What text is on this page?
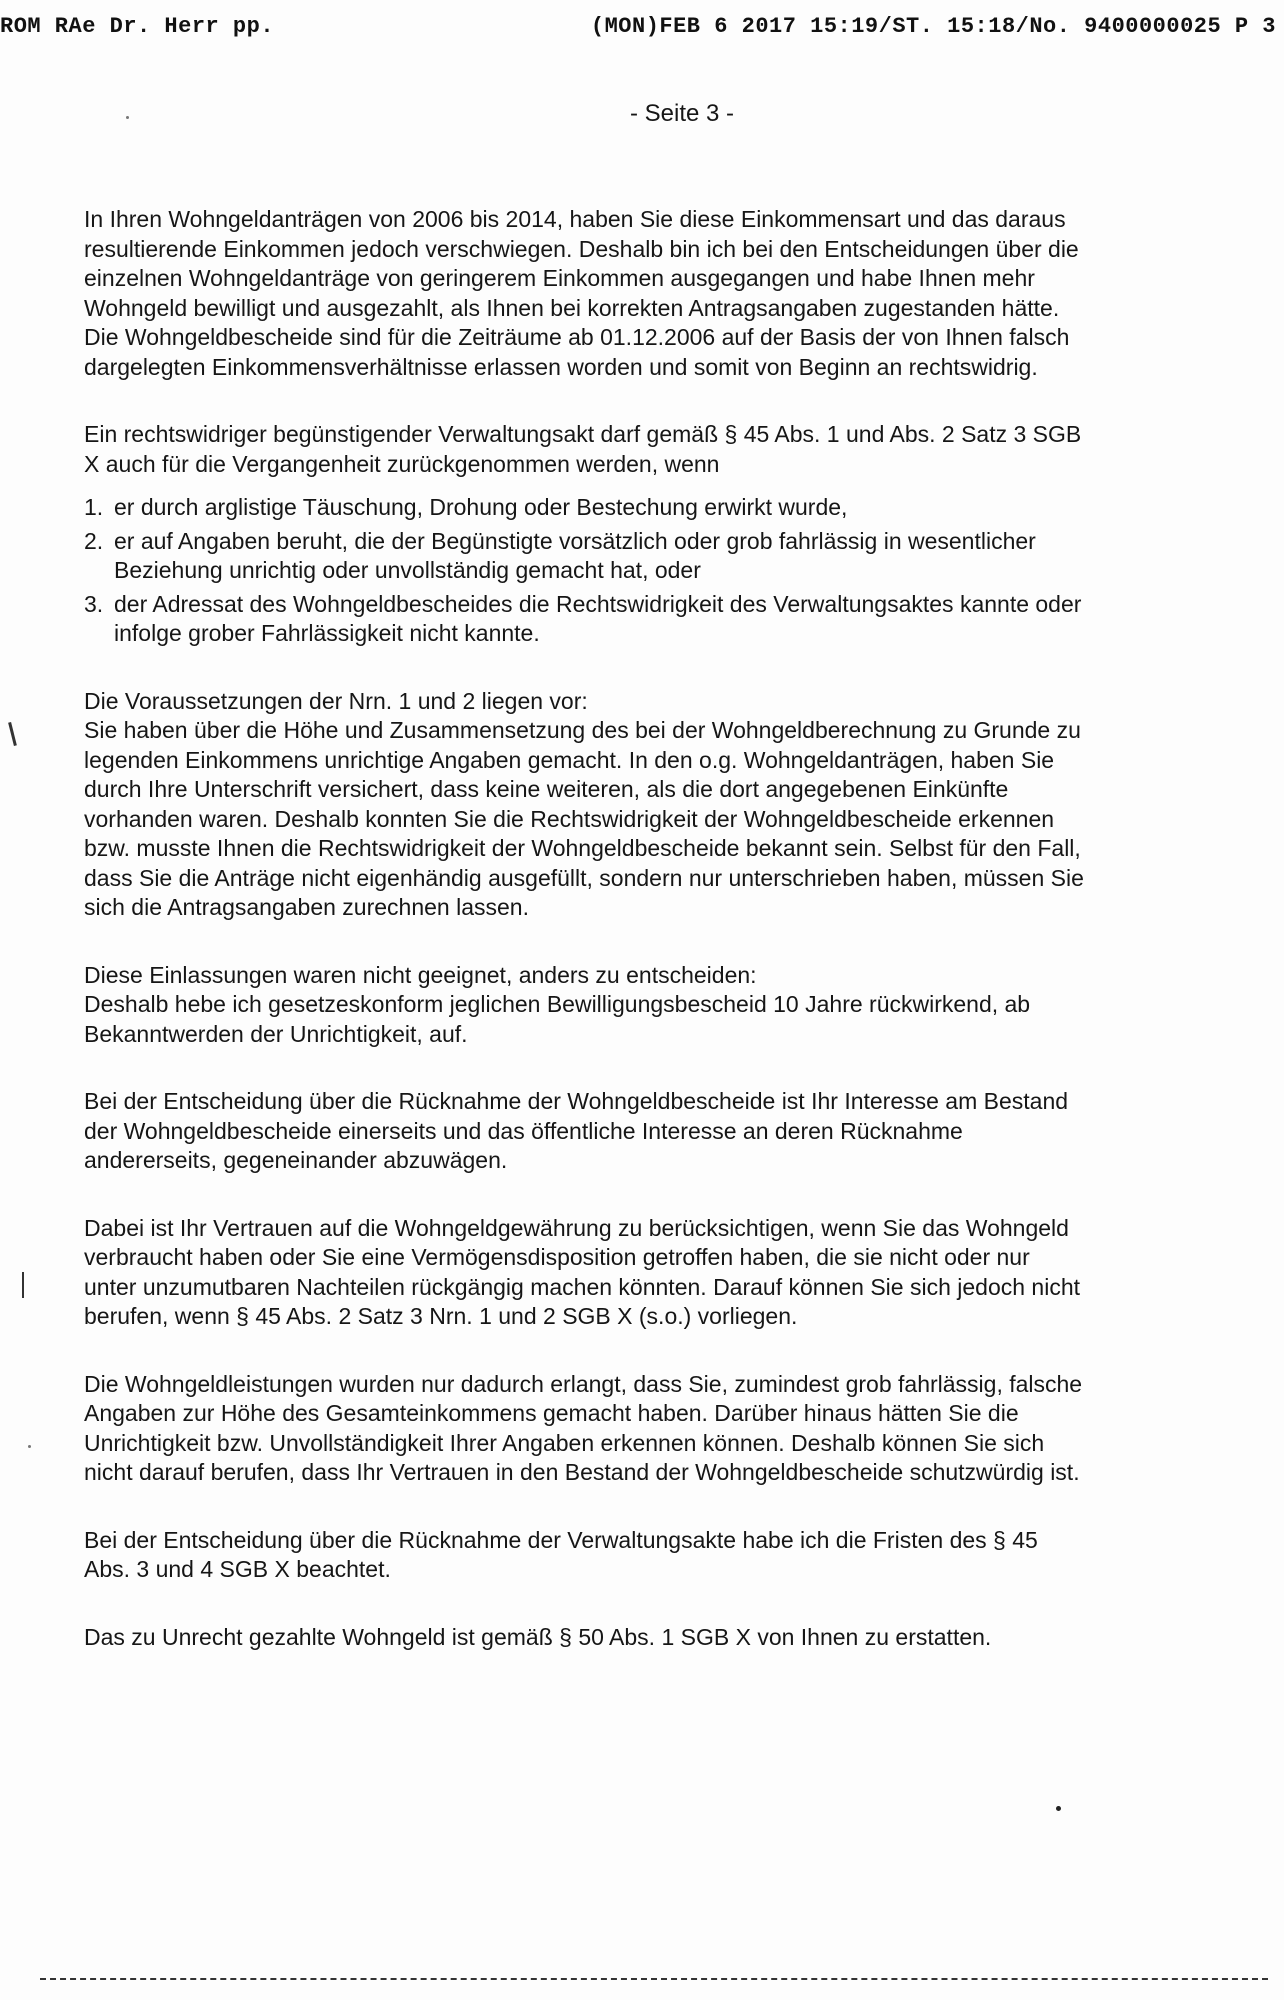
ROM RAe Dr. Herr pp.	(MON)FEB 6 2017 15:19/ST. 15:18/No. 9400000025 P 3
- Seite 3 -

In Ihren Wohngeldanträgen von 2006 bis 2014, haben Sie diese Einkommensart und das daraus resultierende Einkommen jedoch verschwiegen. Deshalb bin ich bei den Entscheidungen über die einzelnen Wohngeldanträge von geringerem Einkommen ausgegangen und habe Ihnen mehr Wohngeld bewilligt und ausgezahlt, als Ihnen bei korrekten Antragsangaben zugestanden hätte. Die Wohngeldbescheide sind für die Zeiträume ab 01.12.2006 auf der Basis der von Ihnen falsch dargelegten Einkommensverhältnisse erlassen worden und somit von Beginn an rechtswidrig.

Ein rechtswidriger begünstigender Verwaltungsakt darf gemäß § 45 Abs. 1 und Abs. 2 Satz 3 SGB X auch für die Vergangenheit zurückgenommen werden, wenn

1. er durch arglistige Täuschung, Drohung oder Bestechung erwirkt wurde,
2. er auf Angaben beruht, die der Begünstigte vorsätzlich oder grob fahrlässig in wesentlicher Beziehung unrichtig oder unvollständig gemacht hat, oder
3. der Adressat des Wohngeldbescheides die Rechtswidrigkeit des Verwaltungsaktes kannte oder infolge grober Fahrlässigkeit nicht kannte.

Die Voraussetzungen der Nrn. 1 und 2 liegen vor:
Sie haben über die Höhe und Zusammensetzung des bei der Wohngeldberechnung zu Grunde zu legenden Einkommens unrichtige Angaben gemacht. In den o.g. Wohngeldanträgen, haben Sie durch Ihre Unterschrift versichert, dass keine weiteren, als die dort angegebenen Einkünfte vorhanden waren. Deshalb konnten Sie die Rechtswidrigkeit der Wohngeldbescheide erkennen bzw. musste Ihnen die Rechtswidrigkeit der Wohngeldbescheide bekannt sein. Selbst für den Fall, dass Sie die Anträge nicht eigenhändig ausgefüllt, sondern nur unterschrieben haben, müssen Sie sich die Antragsangaben zurechnen lassen.

Diese Einlassungen waren nicht geeignet, anders zu entscheiden:
Deshalb hebe ich gesetzeskonform jeglichen Bewilligungsbescheid 10 Jahre rückwirkend, ab Bekanntwerden der Unrichtigkeit, auf.

Bei der Entscheidung über die Rücknahme der Wohngeldbescheide ist Ihr Interesse am Bestand der Wohngeldbescheide einerseits und das öffentliche Interesse an deren Rücknahme andererseits, gegeneinander abzuwägen.

Dabei ist Ihr Vertrauen auf die Wohngeldgewährung zu berücksichtigen, wenn Sie das Wohngeld verbraucht haben oder Sie eine Vermögensdisposition getroffen haben, die sie nicht oder nur unter unzumutbaren Nachteilen rückgängig machen könnten. Darauf können Sie sich jedoch nicht berufen, wenn § 45 Abs. 2 Satz 3 Nrn. 1 und 2 SGB X (s.o.) vorliegen.

Die Wohngeldleistungen wurden nur dadurch erlangt, dass Sie, zumindest grob fahrlässig, falsche Angaben zur Höhe des Gesamteinkommens gemacht haben. Darüber hinaus hätten Sie die Unrichtigkeit bzw. Unvollständigkeit Ihrer Angaben erkennen können. Deshalb können Sie sich nicht darauf berufen, dass Ihr Vertrauen in den Bestand der Wohngeldbescheide schutzwürdig ist.

Bei der Entscheidung über die Rücknahme der Verwaltungsakte habe ich die Fristen des § 45 Abs. 3 und 4 SGB X beachtet.

Das zu Unrecht gezahlte Wohngeld ist gemäß § 50 Abs. 1 SGB X von Ihnen zu erstatten.
